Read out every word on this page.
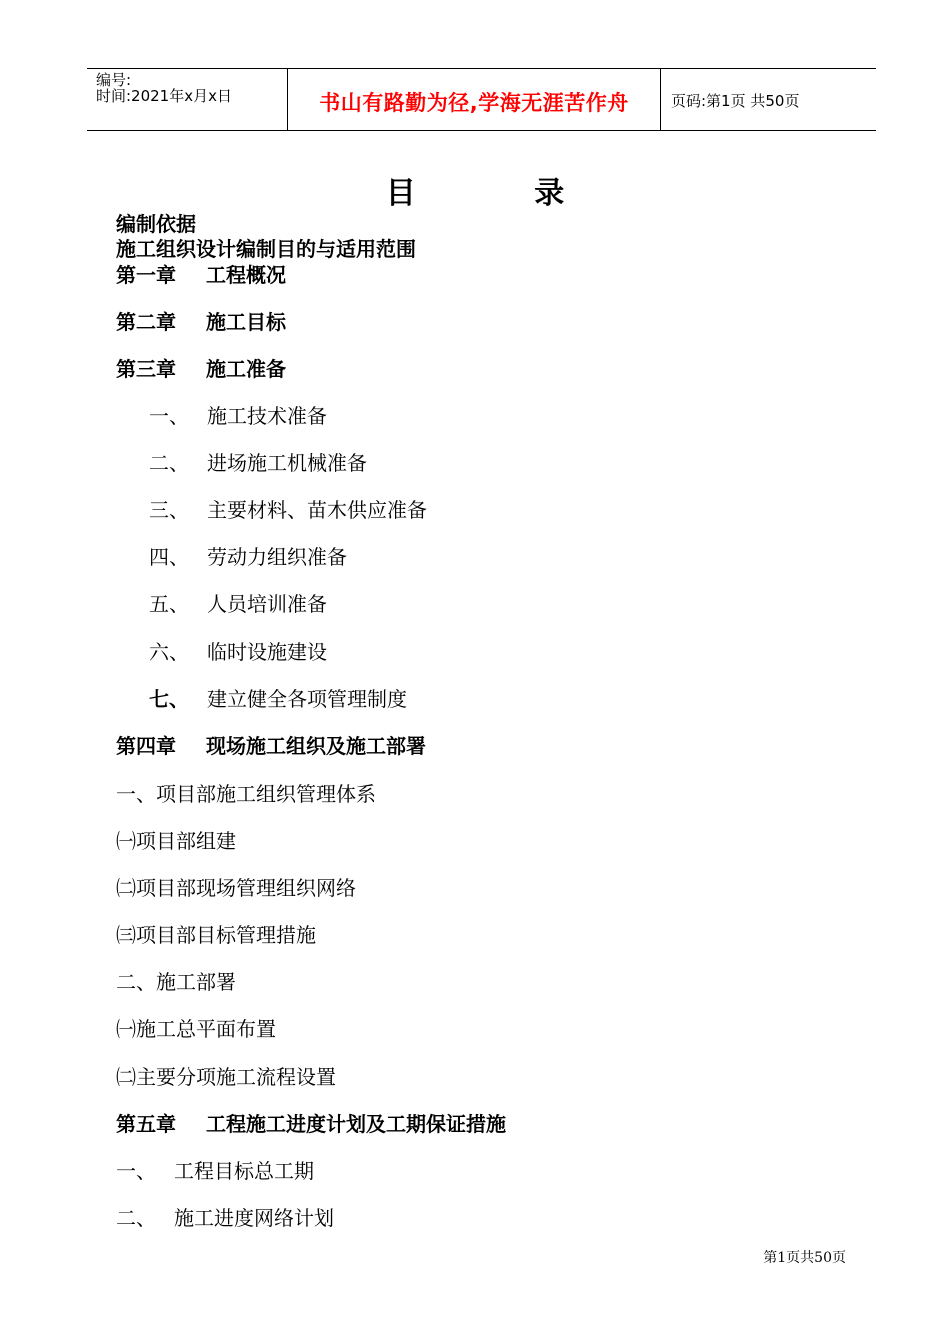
编号:
时间:2021年x月x日	书山有路勤为径,学海无涯苦作舟	页码:第1页 共50页
目 录
编制依据
施工组织设计编制目的与适用范围
第一章 工程概况
第二章 施工目标
第三章 施工准备
一、 施工技术准备
二、 进场施工机械准备
三、 主要材料、苗木供应准备
四、 劳动力组织准备
五、 人员培训准备
六、 临时设施建设
七、 建立健全各项管理制度
第四章 现场施工组织及施工部署
一、项目部施工组织管理体系
㈠项目部组建
㈡项目部现场管理组织网络
㈢项目部目标管理措施
二、施工部署
㈠施工总平面布置
㈡主要分项施工流程设置
第五章 工程施工进度计划及工期保证措施
一、 工程目标总工期
二、 施工进度网络计划
第1页共50页
